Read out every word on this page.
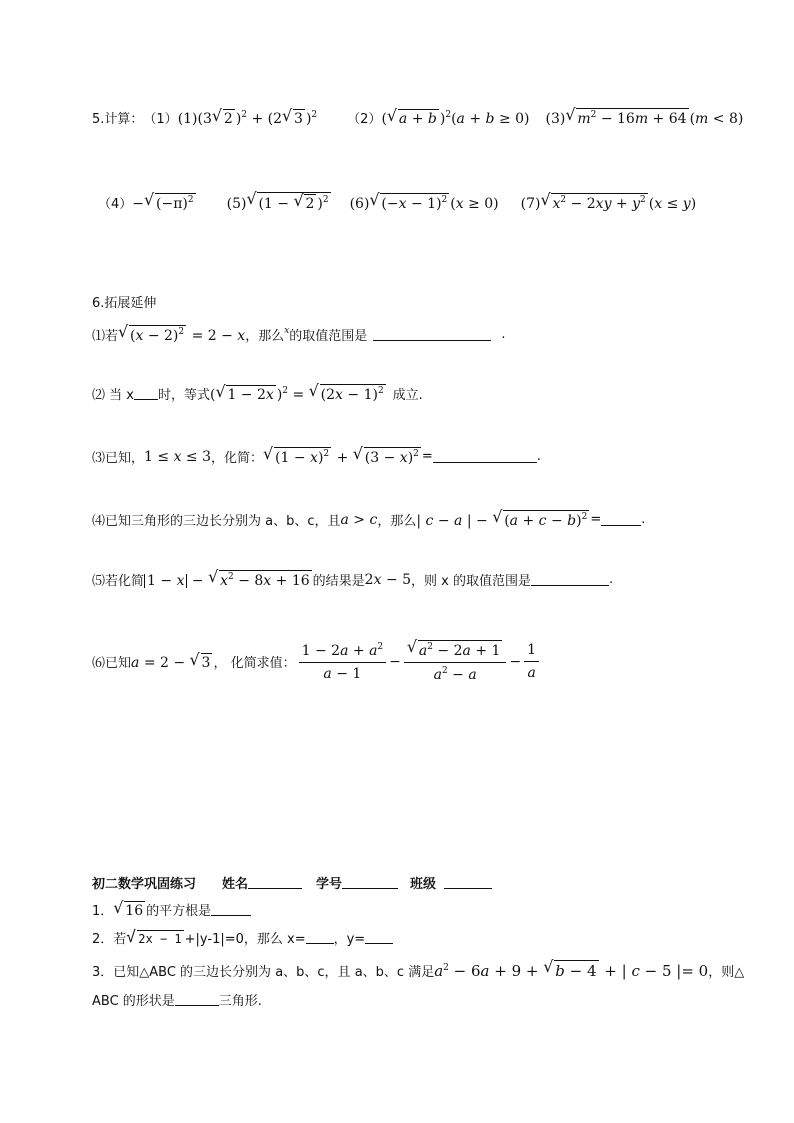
5.计算： （1） (1)(3 √ 2 )$^2$ + (2 √ 3 )$^2$ （2） ( √ a + b )$^2$(a + b ≥ 0) (3) √ $m^2 - 16m + 64$ (m < 8)
（4） − √ $(-\pi)^2$ (5) √ (1 − √ 2 )$^2$ (6) √ $(-x - 1)^2$ (x ≥ 0) (7) √ $x^2 - 2xy + y^2$ (x ≤ y)
6.拓展延伸
⑴若 √ $(x - 2)^2 = 2 - x$ ，那么 $^x$ 的取值范围是	.
⑵ 当 x 时，等式 ( √ 1 − 2x )$^2$ = √ $(2x - 1)^2$ 成立.
⑶已知， 1 ≤ x ≤ 3 ，化简： √ $(1 - x)^2$ + √ $(3 - x)^2$ =	.
⑷已知三角形的三边长分别为 a、b、c，且 a > c ，那么 | c − a | − √ $(a + c - b)^2$ =	.
⑸若化简 1 − x − √ $x^2 - 8x + 16$ 的结果是 2x − 5 ，则 x 的取值范围是	.
⑹已知 a = 2 − √ 3 ， 化简求值： $\frac{1 - 2a + a^2}{a - 1}$ − √ $\frac{a^2 - 2a + 1}{a^2 - a} - \frac{1}{a}$
初二数学巩固练习 姓名	学号	班级
1． √ 16 的平方根是
2．若	√ 2x − 1 +|y-1|=0，那么 x= ，y=
3．已知△ABC 的三边长分别为 a、b、c，且 a、b、c 满足 $a^2 - 6a + 9$ + √ b − 4 + | c − 5 |= 0 ，则△
ABC 的形状是	三角形.
